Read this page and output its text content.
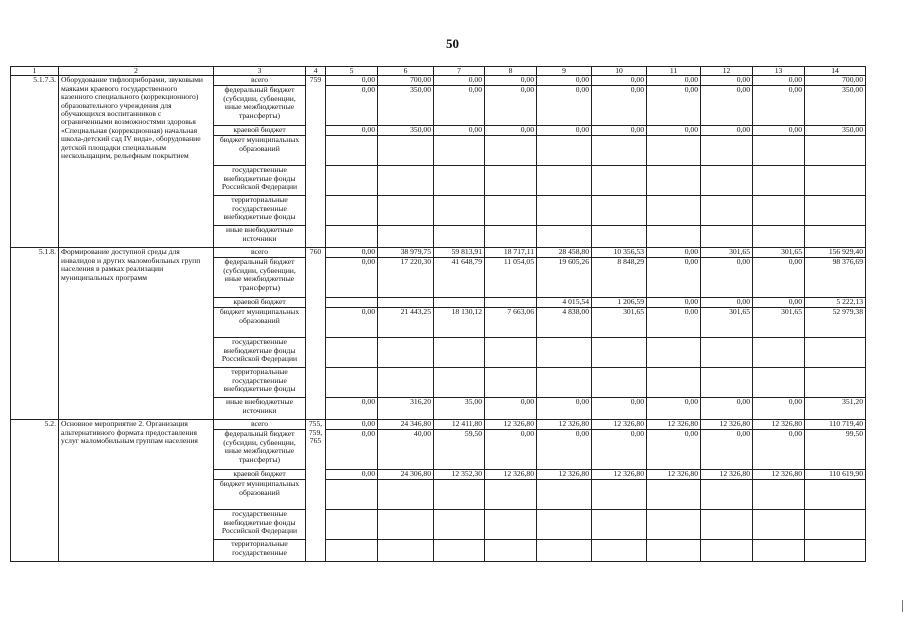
50
1	2	3	4	5	6	7	8	9	10	11	12	13	14
5.1.7.3.	Оборудование тифлоприборами, звуковыми маяками краевого государственного казенного специального (коррекционного) образовательного учреждения для обучающихся воспитанников с ограниченными возможностями здоровья «Специальная (коррекционная) начальная школа-детский сад IV вида», оборудование детской площадки специальным нескольщащим, рельефным покрытием	всего	759	0,00	700,00	0,00	0,00	0,00	0,00	0,00	0,00	0,00	700,00
		федеральный бюджет (субсидии, субвенции, иные межбюджетные трансферты)		0,00	350,00	0,00	0,00	0,00	0,00	0,00	0,00	0,00	350,00
		краевой бюджет		0,00	350,00	0,00	0,00	0,00	0,00	0,00	0,00	0,00	350,00
		бюджет муниципальных образований											
		государственные внебюджетные фонды Российской Федерации											
		территориальные государственные внебюджетные фонды											
		иные внебюджетные источники											
5.1.8.	Формирование доступной среды для инвалидов и других маломобильных групп населения в рамках реализации муниципальных программ	всего	760	0,00	38 979,75	59 813,91	18 717,11	28 458,80	10 356,53	0,00	301,65	301,65	156 929,40
		федеральный бюджет (субсидии, субвенции, иные межбюджетные трансферты)		0,00	17 220,30	41 648,79	11 054,05	19 605,26	8 848,29	0,00	0,00	0,00	98 376,69
		краевой бюджет						4 015,54	1 206,59	0,00	0,00	0,00	5 222,13
		бюджет муниципальных образований		0,00	21 443,25	18 130,12	7 663,06	4 838,00	301,65	0,00	301,65	301,65	52 979,38
		государственные внебюджетные фонды Российской Федерации											
		территориальные государственные внебюджетные фонды											
		иные внебюджетные источники		0,00	316,20	35,00	0,00	0,00	0,00	0,00	0,00	0,00	351,20
5.2.	Основное мероприятие 2. Организация альтернативного формата предоставления услуг маломобильным группам населения	всего	755, 759, 765	0,00	24 346,80	12 411,80	12 326,80	12 326,80	12 326,80	12 326,80	12 326,80	12 326,80	110 719,40
		федеральный бюджет (субсидии, субвенции, иные межбюджетные трансферты)		0,00	40,00	59,50	0,00	0,00	0,00	0,00	0,00	0,00	99,50
		краевой бюджет		0,00	24 306,80	12 352,30	12 326,80	12 326,80	12 326,80	12 326,80	12 326,80	12 326,80	110 619,90
		бюджет муниципальных образований											
		государственные внебюджетные фонды Российской Федерации											
		территориальные государственные											
